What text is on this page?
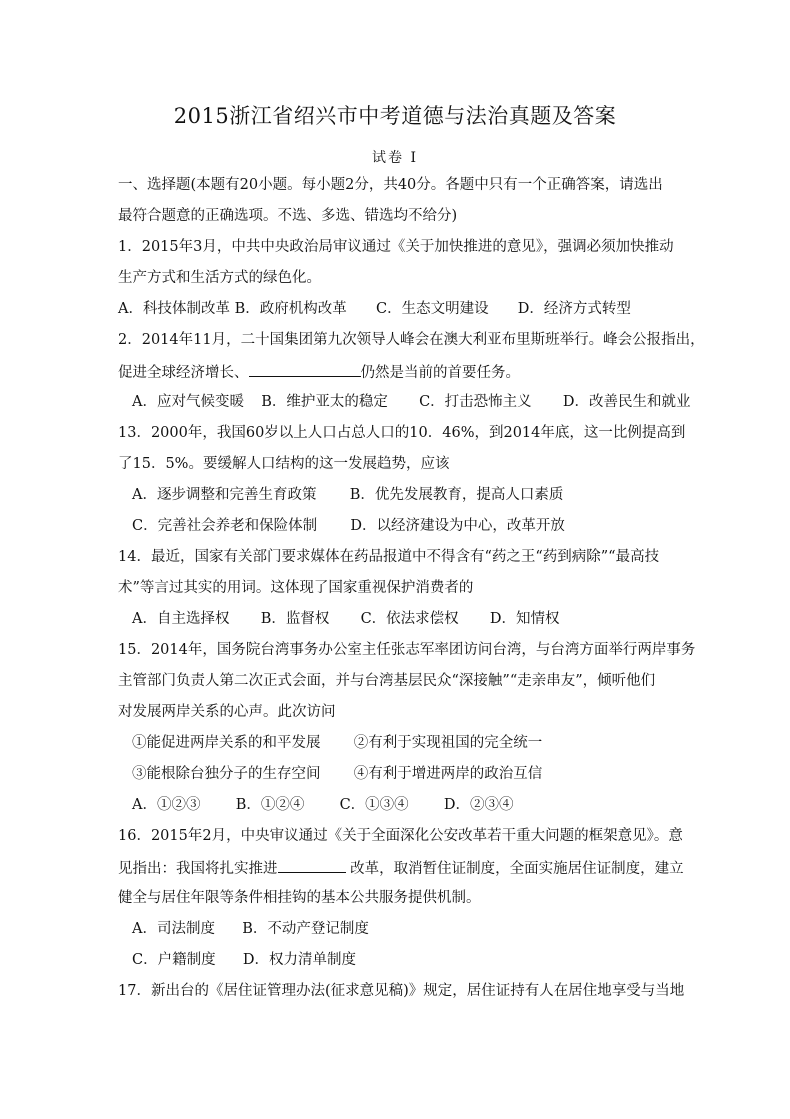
2015浙江省绍兴市中考道德与法治真题及答案
试卷 I
一、选择题(本题有20小题。每小题2分，共40分。各题中只有一个正确答案，请选出
最符合题意的正确选项。不选、多选、错选均不给分)
1．2015年3月，中共中央政治局审议通过《关于加快推进的意见》，强调必须加快推动
生产方式和生活方式的绿色化。
A．科技体制改革 B．政府机构改革 C．生态文明建设 D．经济方式转型
2．2014年11月，二十国集团第九次领导人峰会在澳大利亚布里斯班举行。峰会公报指出，
促进全球经济增长、	仍然是当前的首要任务。
A．应对气候变暖 B．维护亚太的稳定 C．打击恐怖主义 D．改善民生和就业
13．2000年，我国60岁以上人口占总人口的10．46%，到2014年底，这一比例提高到
了15．5%。要缓解人口结构的这一发展趋势，应该
A．逐步调整和完善生育政策 B．优先发展教育，提高人口素质
C．完善社会养老和保险体制 D．以经济建设为中心，改革开放
14．最近，国家有关部门要求媒体在药品报道中不得含有“药之王“药到病除”“最高技
术”等言过其实的用词。这体现了国家重视保护消费者的
A．自主选择权 B．监督权 C．依法求偿权 D．知情权
15．2014年，国务院台湾事务办公室主任张志军率团访问台湾，与台湾方面举行两岸事务
主管部门负责人第二次正式会面，并与台湾基层民众“深接触”“走亲串友”，倾听他们
对发展两岸关系的心声。此次访问
①能促进两岸关系的和平发展 ②有利于实现祖国的完全统一
③能根除台独分子的生存空间 ④有利于增进两岸的政治互信
A．①②③ B．①②④ C．①③④ D．②③④
16．2015年2月，中央审议通过《关于全面深化公安改革若干重大问题的框架意见》。意
见指出：我国将扎实推进	改革，取消暂住证制度，全面实施居住证制度，建立
健全与居住年限等条件相挂钩的基本公共服务提供机制。
A．司法制度 B．不动产登记制度
C．户籍制度 D．权力清单制度
17．新出台的《居住证管理办法(征求意见稿)》规定，居住证持有人在居住地享受与当地
